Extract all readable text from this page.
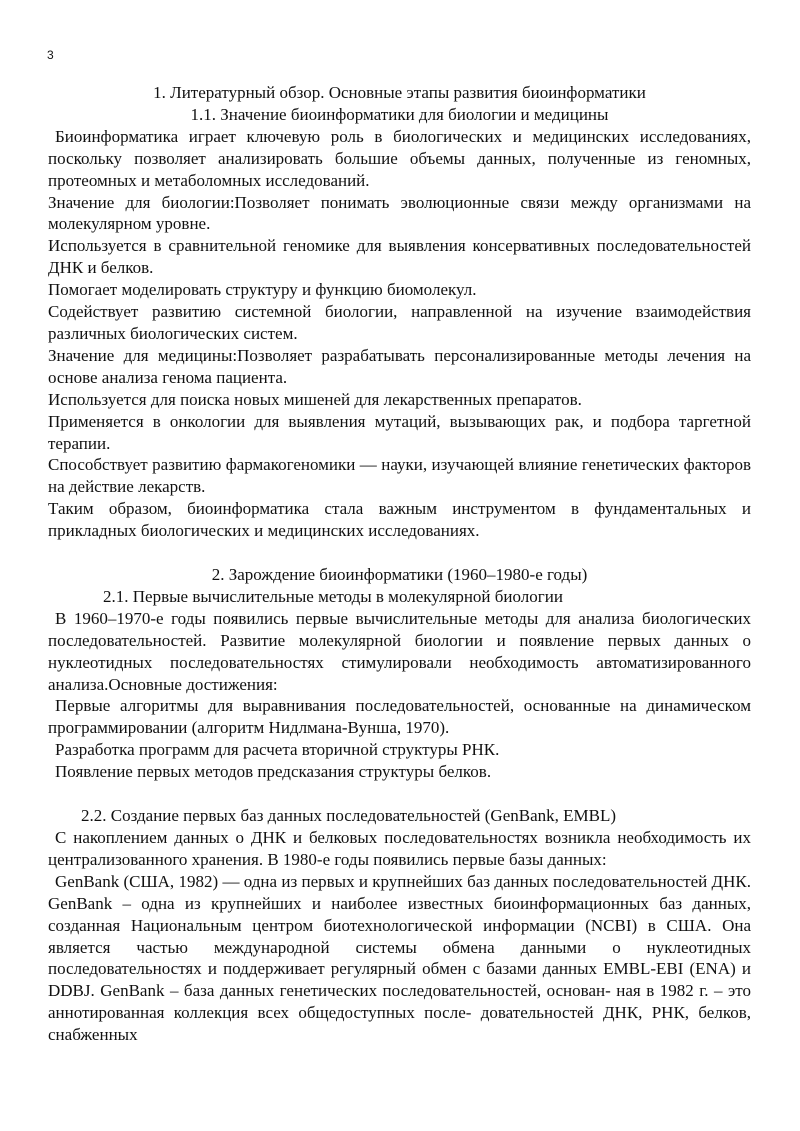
3

1. Литературный обзор. Основные этапы развития биоинформатики

1.1. Значение биоинформатики для биологии и медицины

Биоинформатика играет ключевую роль в биологических и медицинских исследованиях, поскольку позволяет анализировать большие объемы данных, полученные из геномных, протеомных и метаболомных исследований.

Значение для биологии:Позволяет понимать эволюционные связи между организмами на молекулярном уровне.

Используется в сравнительной геномике для выявления консервативных последовательностей ДНК и белков.

Помогает моделировать структуру и функцию биомолекул.

Содействует развитию системной биологии, направленной на изучение взаимодействия различных биологических систем.

Значение для медицины:Позволяет разрабатывать персонализированные методы лечения на основе анализа генома пациента.

Используется для поиска новых мишеней для лекарственных препаратов.

Применяется в онкологии для выявления мутаций, вызывающих рак, и подбора таргетной терапии.

Способствует развитию фармакогеномики — науки, изучающей влияние генетических факторов на действие лекарств.

Таким образом, биоинформатика стала важным инструментом в фундаментальных и прикладных биологических и медицинских исследованиях.

2. Зарождение биоинформатики (1960–1980-е годы)

2.1. Первые вычислительные методы в молекулярной биологии

В 1960–1970-е годы появились первые вычислительные методы для анализа биологических последовательностей. Развитие молекулярной биологии и появление первых данных о нуклеотидных последовательностях стимулировали необходимость автоматизированного анализа.Основные достижения:

Первые алгоритмы для выравнивания последовательностей, основанные на динамическом программировании (алгоритм Нидлмана-Вунша, 1970).

Разработка программ для расчета вторичной структуры РНК.

Появление первых методов предсказания структуры белков.

2.2. Создание первых баз данных последовательностей (GenBank, EMBL)

С накоплением данных о ДНК и белковых последовательностях возникла необходимость их централизованного хранения. В 1980-е годы появились первые базы данных:

GenBank (США, 1982) — одна из первых и крупнейших баз данных последовательностей ДНК. GenBank – одна из крупнейших и наиболее известных биоинформационных баз данных, созданная Национальным центром биотехнологической информации (NCBI) в США. Она является частью международной системы обмена данными о нуклеотидных последовательностях и поддерживает регулярный обмен с базами данных EMBL-EBI (ENA) и DDBJ. GenBank – база данных генетических последовательностей, основан- ная в 1982 г. – это аннотированная коллекция всех общедоступных после- довательностей ДНК, РНК, белков, снабженных
